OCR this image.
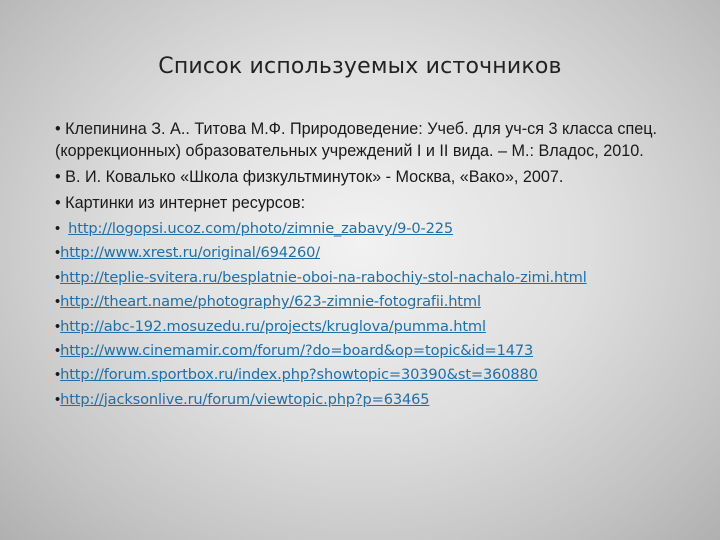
Список используемых источников
• Клепинина З. А.. Титова М.Ф. Природоведение: Учеб. для уч-ся 3 класса спец. (коррекционных) образовательных учреждений I и II вида. – М.: Владос, 2010.
• В. И. Ковалько «Школа физкультминуток» - Москва, «Вако», 2007.
• Картинки из интернет ресурсов:
• http://logopsi.ucoz.com/photo/zimnie_zabavy/9-0-225
•http://www.xrest.ru/original/694260/
•http://teplie-svitera.ru/besplatnie-oboi-na-rabochiy-stol-nachalo-zimi.html
•http://theart.name/photography/623-zimnie-fotografii.html
•http://abc-192.mosuzedu.ru/projects/kruglova/pumma.html
•http://www.cinemamir.com/forum/?do=board&op=topic&id=1473
•http://forum.sportbox.ru/index.php?showtopic=30390&st=360880
•http://jacksonlive.ru/forum/viewtopic.php?p=63465
